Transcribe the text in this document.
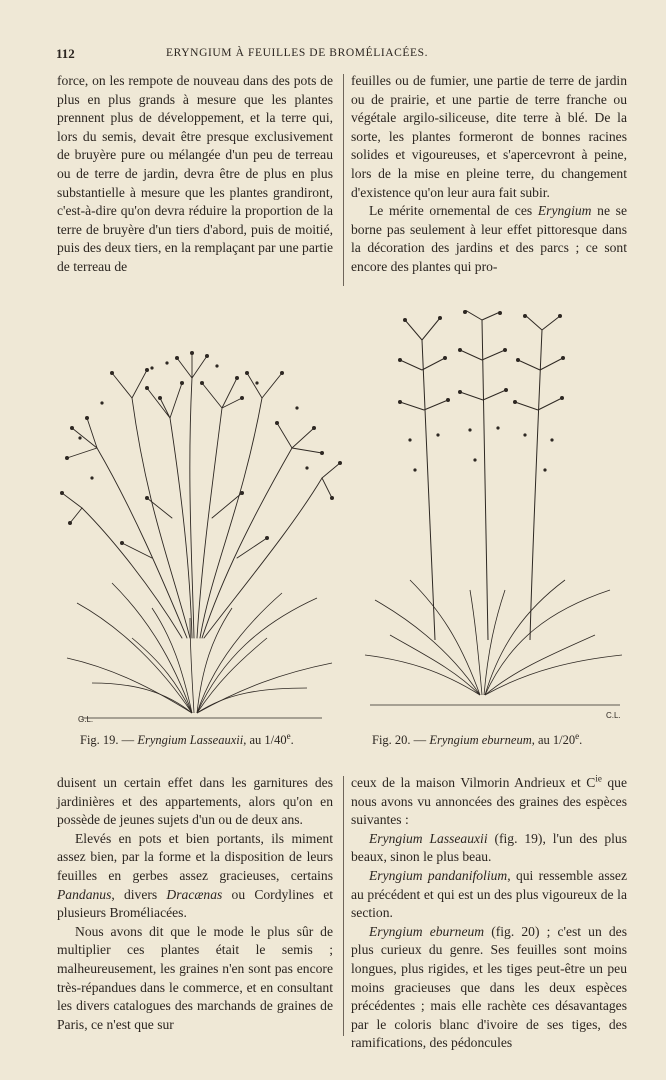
112	ERYNGIUM À FEUILLES DE BROMÉLIACÉES.

force, on les rempote de nouveau dans des pots de plus en plus grands à mesure que les plantes prennent plus de développement, et la terre qui, lors du semis, devait être presque exclusivement de bruyère pure ou mélangée d'un peu de terreau ou de terre de jardin, devra être de plus en plus substantielle à mesure que les plantes grandiront, c'est-à-dire qu'on devra réduire la proportion de la terre de bruyère d'un tiers d'abord, puis de moitié, puis des deux tiers, en la remplaçant par une partie de terreau de

feuilles ou de fumier, une partie de terre de jardin ou de prairie, et une partie de terre franche ou végétale argilo-siliceuse, dite terre à blé. De la sorte, les plantes formeront de bonnes racines solides et vigoureuses, et s'apercevront à peine, lors de la mise en pleine terre, du changement d'existence qu'on leur aura fait subir.

Le mérite ornemental de ces Eryngium ne se borne pas seulement à leur effet pittoresque dans la décoration des jardins et des parcs ; ce sont encore des plantes qui pro-

G.L.	C.L.
Fig. 19. — Eryngium Lasseauxii, au 1/40e.	Fig. 20. — Eryngium eburneum, au 1/20e.

duisent un certain effet dans les garnitures des jardinières et des appartements, alors qu'on en possède de jeunes sujets d'un ou de deux ans.

Elevés en pots et bien portants, ils miment assez bien, par la forme et la disposition de leurs feuilles en gerbes assez gracieuses, certains Pandanus, divers Dracænas ou Cordylines et plusieurs Broméliacées.

Nous avons dit que le mode le plus sûr de multiplier ces plantes était le semis ; malheureusement, les graines n'en sont pas encore très-répandues dans le commerce, et en consultant les divers catalogues des marchands de graines de Paris, ce n'est que sur

ceux de la maison Vilmorin Andrieux et $C^{ie}$ que nous avons vu annoncées des graines des espèces suivantes :

Eryngium Lasseauxii (fig. 19), l'un des plus beaux, sinon le plus beau.

Eryngium pandanifolium, qui ressemble assez au précédent et qui est un des plus vigoureux de la section.

Eryngium eburneum (fig. 20) ; c'est un des plus curieux du genre. Ses feuilles sont moins longues, plus rigides, et les tiges peut-être un peu moins gracieuses que dans les deux espèces précédentes ; mais elle rachète ces désavantages par le coloris blanc d'ivoire de ses tiges, des ramifications, des pédoncules
